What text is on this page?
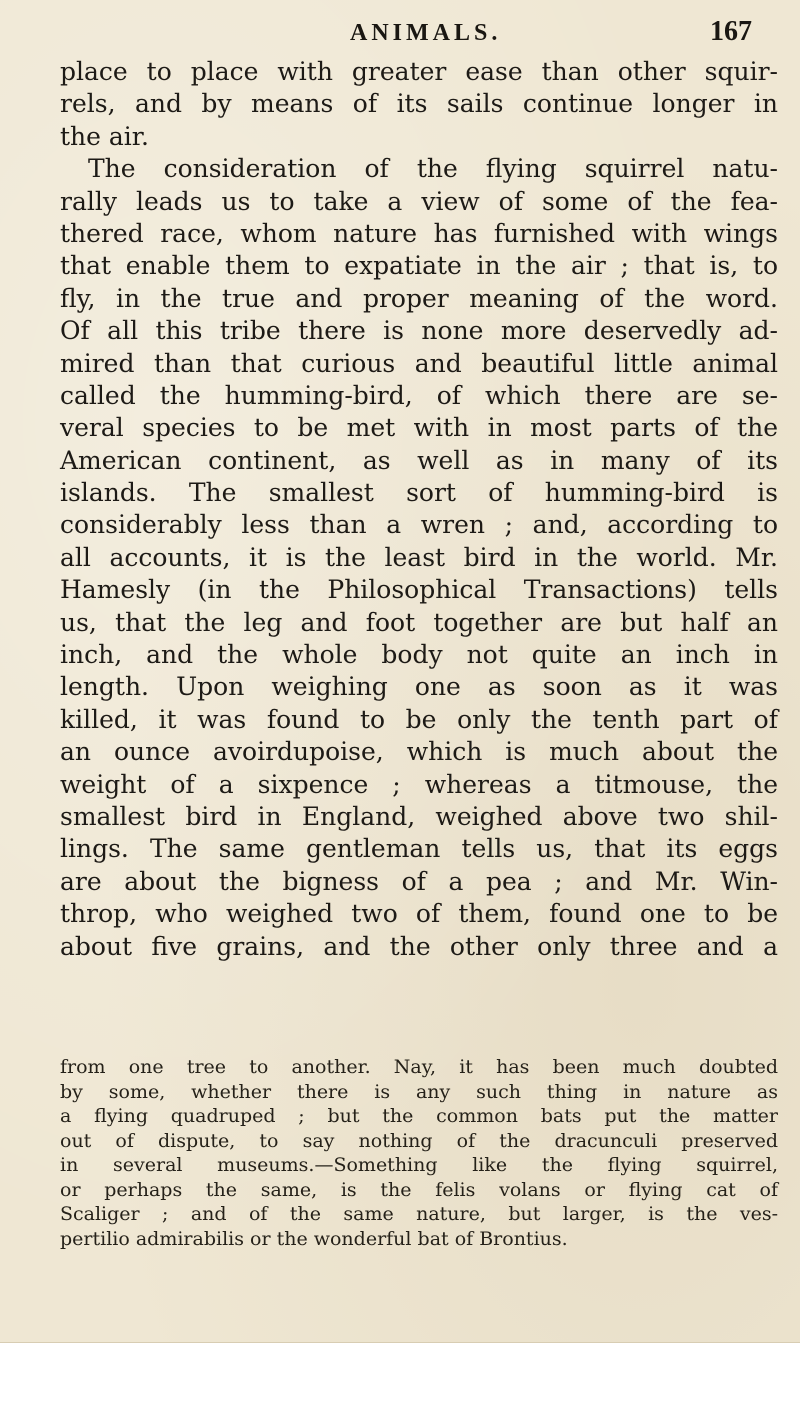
ANIMALS.	167
place to place with greater ease than other squir-
rels, and by means of its sails continue longer in
the air.
The consideration of the flying squirrel natu-
rally leads us to take a view of some of the fea-
thered race, whom nature has furnished with wings
that enable them to expatiate in the air ; that is, to
fly, in the true and proper meaning of the word.
Of all this tribe there is none more deservedly ad-
mired than that curious and beautiful little animal
called the humming-bird, of which there are se-
veral species to be met with in most parts of the
American continent, as well as in many of its
islands. The smallest sort of humming-bird is
considerably less than a wren ; and, according to
all accounts, it is the least bird in the world. Mr.
Hamesly (in the Philosophical Transactions) tells
us, that the leg and foot together are but half an
inch, and the whole body not quite an inch in
length. Upon weighing one as soon as it was
killed, it was found to be only the tenth part of
an ounce avoirdupoise, which is much about the
weight of a sixpence ; whereas a titmouse, the
smallest bird in England, weighed above two shil-
lings. The same gentleman tells us, that its eggs
are about the bigness of a pea ; and Mr. Win-
throp, who weighed two of them, found one to be
about five grains, and the other only three and a
from one tree to another. Nay, it has been much doubted
by some, whether there is any such thing in nature as
a flying quadruped ; but the common bats put the matter
out of dispute, to say nothing of the dracunculi preserved
in several museums.—Something like the flying squirrel,
or perhaps the same, is the felis volans or flying cat of
Scaliger ; and of the same nature, but larger, is the ves-
pertilio admirabilis or the wonderful bat of Brontius.
